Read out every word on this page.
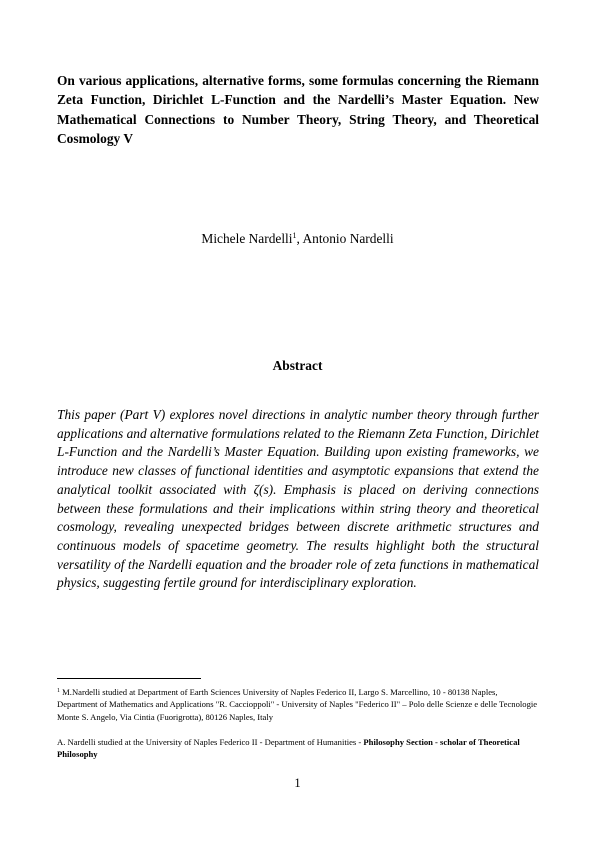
On various applications, alternative forms, some formulas concerning the Riemann Zeta Function, Dirichlet L-Function and the Nardelli’s Master Equation. New Mathematical Connections to Number Theory, String Theory, and Theoretical Cosmology V

Michele Nardelli$^1$, Antonio Nardelli

Abstract

This paper (Part V) explores novel directions in analytic number theory through further applications and alternative formulations related to the Riemann Zeta Function, Dirichlet L-Function and the Nardelli’s Master Equation. Building upon existing frameworks, we introduce new classes of functional identities and asymptotic expansions that extend the analytical toolkit associated with ζ(s). Emphasis is placed on deriving connections between these formulations and their implications within string theory and theoretical cosmology, revealing unexpected bridges between discrete arithmetic structures and continuous models of spacetime geometry. The results highlight both the structural versatility of the Nardelli equation and the broader role of zeta functions in mathematical physics, suggesting fertile ground for interdisciplinary exploration.

$^1$ M.Nardelli studied at Department of Earth Sciences University of Naples Federico II, Largo S. Marcellino, 10 - 80138 Naples, Department of Mathematics and Applications "R. Caccioppoli" - University of Naples "Federico II" – Polo delle Scienze e delle Tecnologie Monte S. Angelo, Via Cintia (Fuorigrotta), 80126 Naples, Italy

A. Nardelli studied at the University of Naples Federico II - Department of Humanities - Philosophy Section - scholar of Theoretical Philosophy

1
